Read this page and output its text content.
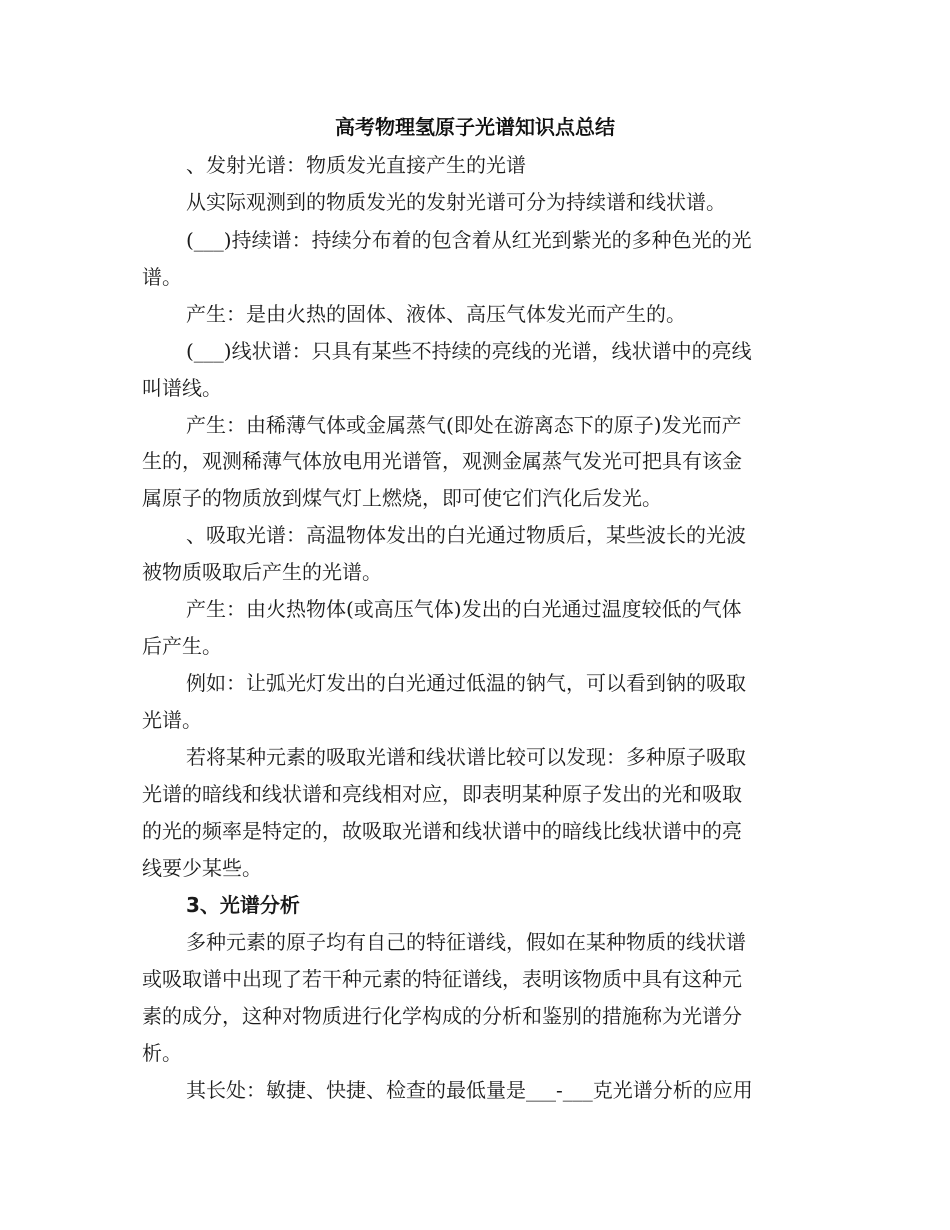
高考物理氢原子光谱知识点总结
、发射光谱：物质发光直接产生的光谱
从实际观测到的物质发光的发射光谱可分为持续谱和线状谱。
(___)持续谱：持续分布着的包含着从红光到紫光的多种色光的光
谱。
产生：是由火热的固体、液体、高压气体发光而产生的。
(___)线状谱：只具有某些不持续的亮线的光谱，线状谱中的亮线
叫谱线。
产生：由稀薄气体或金属蒸气(即处在游离态下的原子)发光而产
生的，观测稀薄气体放电用光谱管，观测金属蒸气发光可把具有该金
属原子的物质放到煤气灯上燃烧，即可使它们汽化后发光。
、吸取光谱：高温物体发出的白光通过物质后，某些波长的光波
被物质吸取后产生的光谱。
产生：由火热物体(或高压气体)发出的白光通过温度较低的气体
后产生。
例如：让弧光灯发出的白光通过低温的钠气，可以看到钠的吸取
光谱。
若将某种元素的吸取光谱和线状谱比较可以发现：多种原子吸取
光谱的暗线和线状谱和亮线相对应，即表明某种原子发出的光和吸取
的光的频率是特定的，故吸取光谱和线状谱中的暗线比线状谱中的亮
线要少某些。
3、光谱分析
多种元素的原子均有自己的特征谱线，假如在某种物质的线状谱
或吸取谱中出现了若干种元素的特征谱线，表明该物质中具有这种元
素的成分，这种对物质进行化学构成的分析和鉴别的措施称为光谱分
析。
其长处：敏捷、快捷、检查的最低量是___-___克光谱分析的应用
